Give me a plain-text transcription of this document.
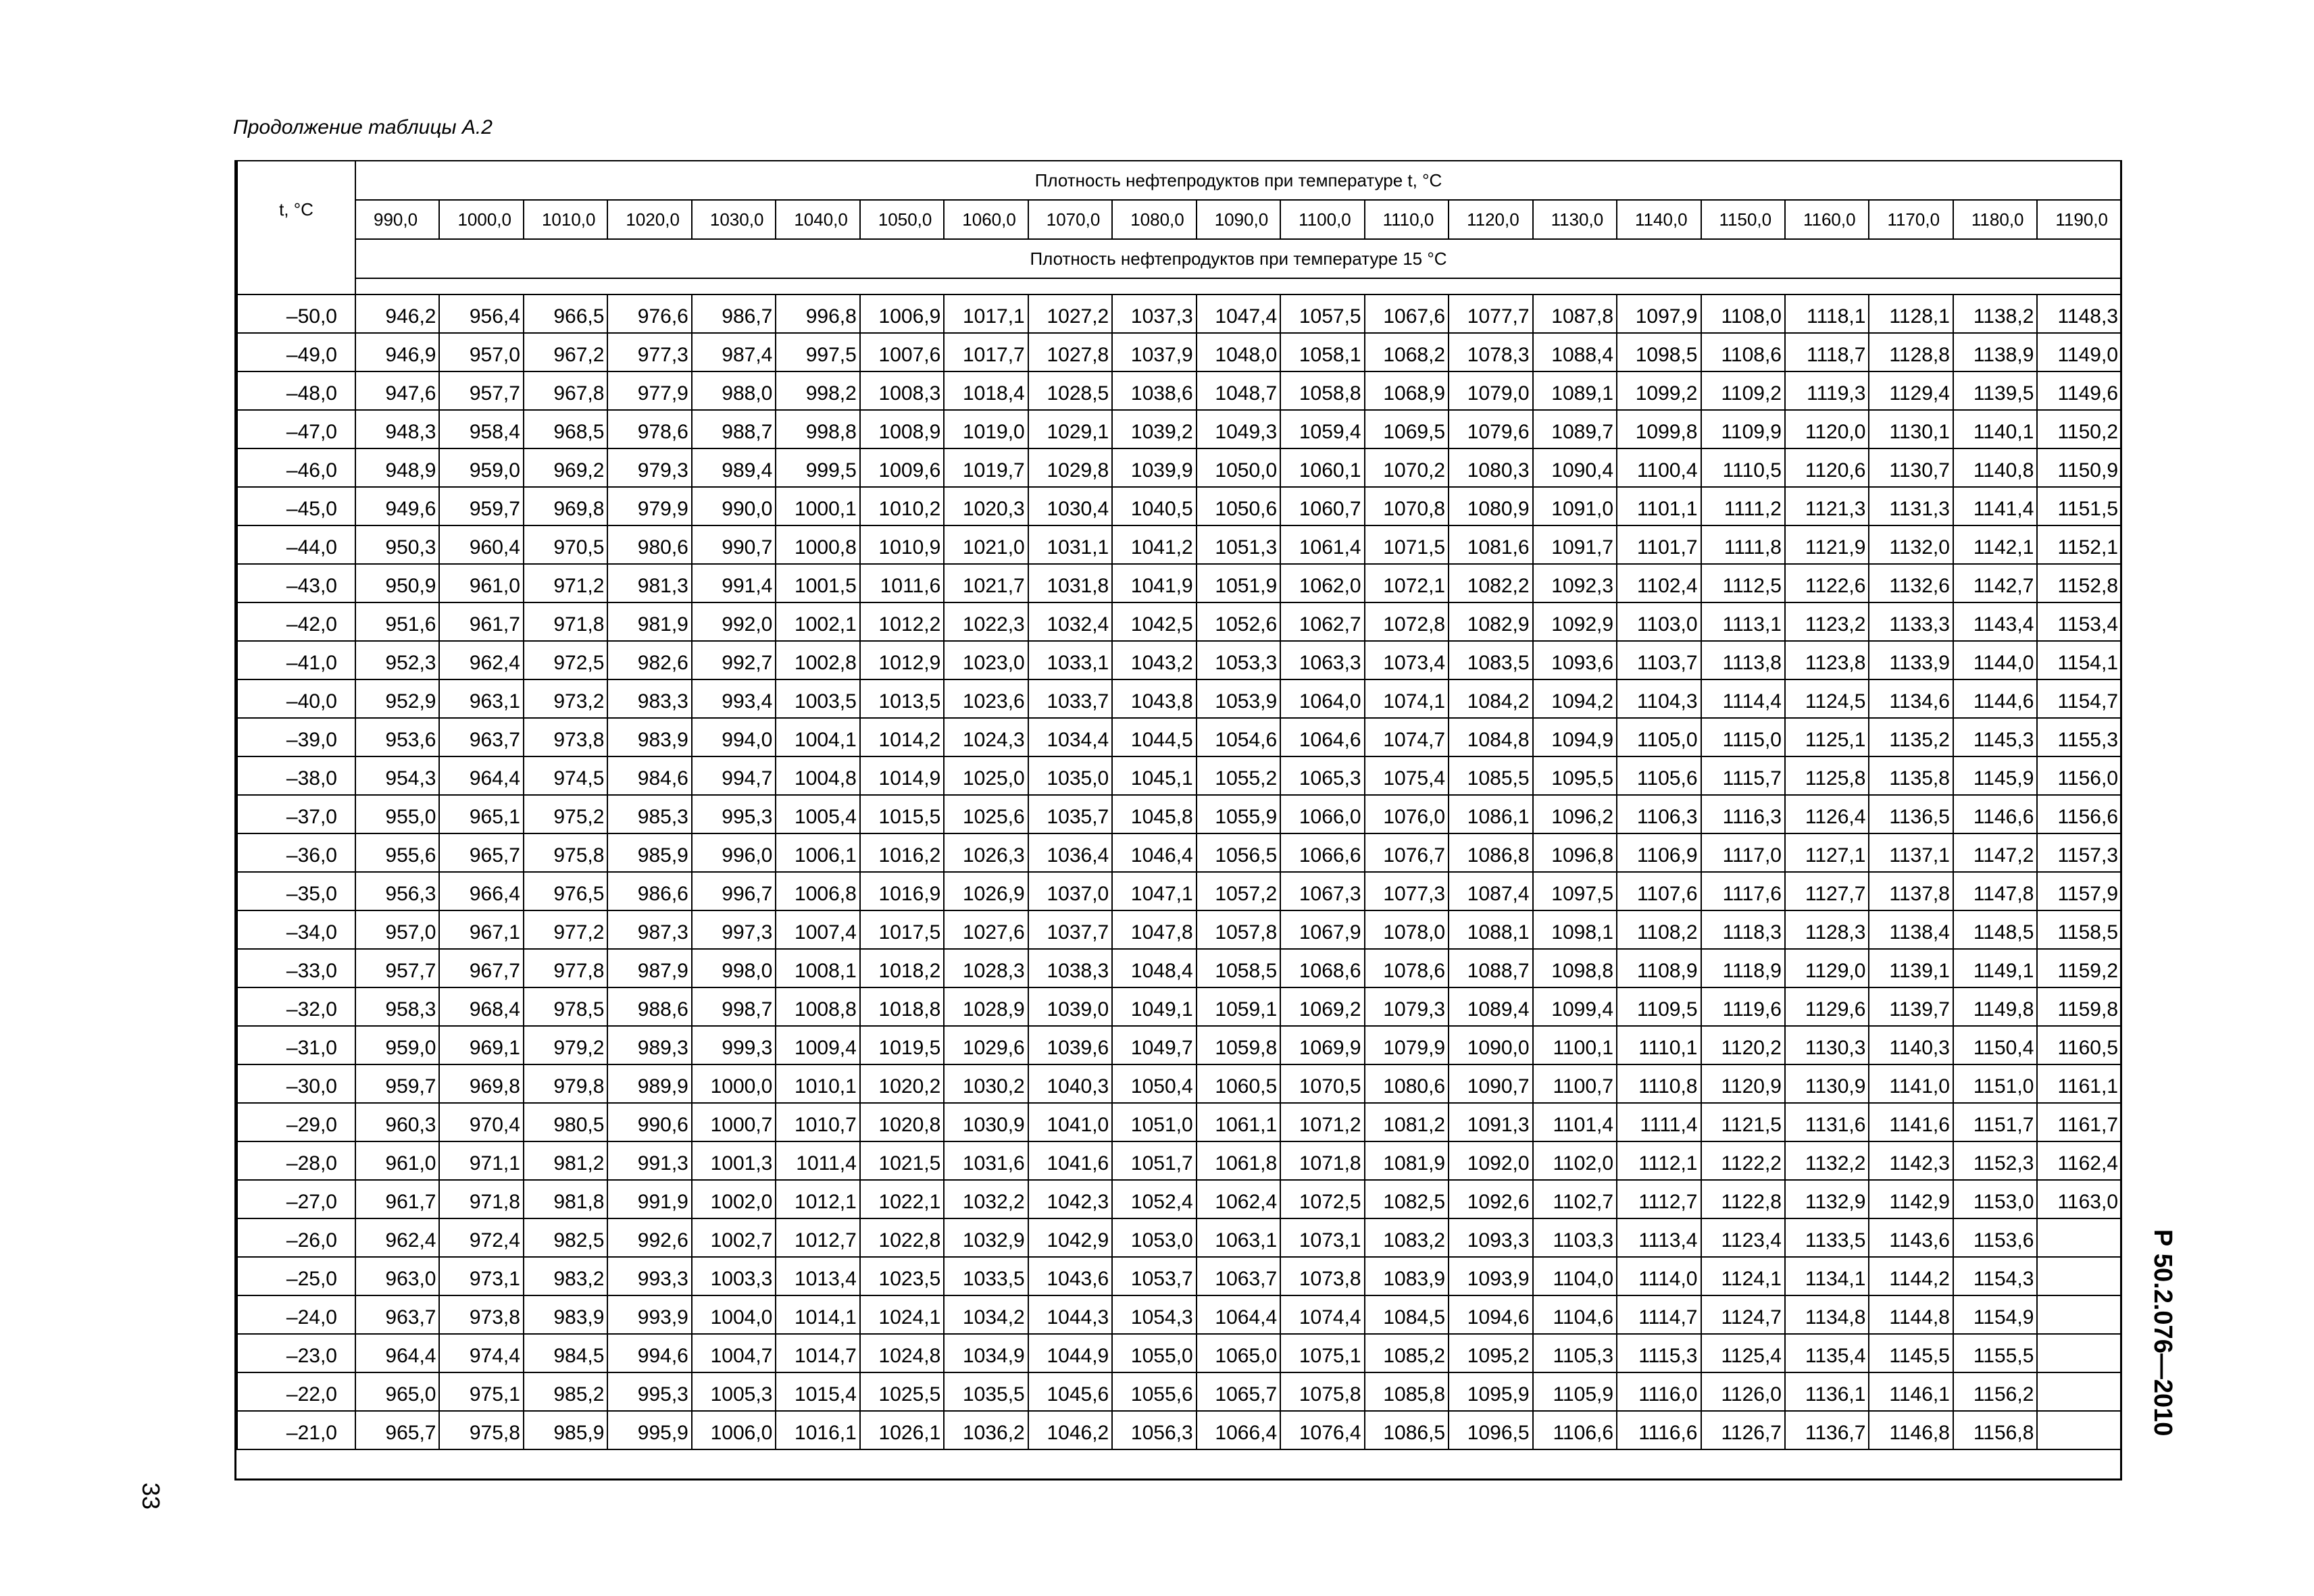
Продолжение таблицы А.2
t, °C	Плотность нефтепродуктов при температуре t, °C																				
	990,0	1000,0	1010,0	1020,0	1030,0	1040,0	1050,0	1060,0	1070,0	1080,0	1090,0	1100,0	1110,0	1120,0	1130,0	1140,0	1150,0	1160,0	1170,0	1180,0	1190,0
	Плотность нефтепродуктов при температуре 15 °C																				

–50,0	946,2	956,4	966,5	976,6	986,7	996,8	1006,9	1017,1	1027,2	1037,3	1047,4	1057,5	1067,6	1077,7	1087,8	1097,9	1108,0	1118,1	1128,1	1138,2	1148,3
–49,0	946,9	957,0	967,2	977,3	987,4	997,5	1007,6	1017,7	1027,8	1037,9	1048,0	1058,1	1068,2	1078,3	1088,4	1098,5	1108,6	1118,7	1128,8	1138,9	1149,0
–48,0	947,6	957,7	967,8	977,9	988,0	998,2	1008,3	1018,4	1028,5	1038,6	1048,7	1058,8	1068,9	1079,0	1089,1	1099,2	1109,2	1119,3	1129,4	1139,5	1149,6
–47,0	948,3	958,4	968,5	978,6	988,7	998,8	1008,9	1019,0	1029,1	1039,2	1049,3	1059,4	1069,5	1079,6	1089,7	1099,8	1109,9	1120,0	1130,1	1140,1	1150,2
–46,0	948,9	959,0	969,2	979,3	989,4	999,5	1009,6	1019,7	1029,8	1039,9	1050,0	1060,1	1070,2	1080,3	1090,4	1100,4	1110,5	1120,6	1130,7	1140,8	1150,9
–45,0	949,6	959,7	969,8	979,9	990,0	1000,1	1010,2	1020,3	1030,4	1040,5	1050,6	1060,7	1070,8	1080,9	1091,0	1101,1	1111,2	1121,3	1131,3	1141,4	1151,5
–44,0	950,3	960,4	970,5	980,6	990,7	1000,8	1010,9	1021,0	1031,1	1041,2	1051,3	1061,4	1071,5	1081,6	1091,7	1101,7	1111,8	1121,9	1132,0	1142,1	1152,1
–43,0	950,9	961,0	971,2	981,3	991,4	1001,5	1011,6	1021,7	1031,8	1041,9	1051,9	1062,0	1072,1	1082,2	1092,3	1102,4	1112,5	1122,6	1132,6	1142,7	1152,8
–42,0	951,6	961,7	971,8	981,9	992,0	1002,1	1012,2	1022,3	1032,4	1042,5	1052,6	1062,7	1072,8	1082,9	1092,9	1103,0	1113,1	1123,2	1133,3	1143,4	1153,4
–41,0	952,3	962,4	972,5	982,6	992,7	1002,8	1012,9	1023,0	1033,1	1043,2	1053,3	1063,3	1073,4	1083,5	1093,6	1103,7	1113,8	1123,8	1133,9	1144,0	1154,1
–40,0	952,9	963,1	973,2	983,3	993,4	1003,5	1013,5	1023,6	1033,7	1043,8	1053,9	1064,0	1074,1	1084,2	1094,2	1104,3	1114,4	1124,5	1134,6	1144,6	1154,7
–39,0	953,6	963,7	973,8	983,9	994,0	1004,1	1014,2	1024,3	1034,4	1044,5	1054,6	1064,6	1074,7	1084,8	1094,9	1105,0	1115,0	1125,1	1135,2	1145,3	1155,3
–38,0	954,3	964,4	974,5	984,6	994,7	1004,8	1014,9	1025,0	1035,0	1045,1	1055,2	1065,3	1075,4	1085,5	1095,5	1105,6	1115,7	1125,8	1135,8	1145,9	1156,0
–37,0	955,0	965,1	975,2	985,3	995,3	1005,4	1015,5	1025,6	1035,7	1045,8	1055,9	1066,0	1076,0	1086,1	1096,2	1106,3	1116,3	1126,4	1136,5	1146,6	1156,6
–36,0	955,6	965,7	975,8	985,9	996,0	1006,1	1016,2	1026,3	1036,4	1046,4	1056,5	1066,6	1076,7	1086,8	1096,8	1106,9	1117,0	1127,1	1137,1	1147,2	1157,3
–35,0	956,3	966,4	976,5	986,6	996,7	1006,8	1016,9	1026,9	1037,0	1047,1	1057,2	1067,3	1077,3	1087,4	1097,5	1107,6	1117,6	1127,7	1137,8	1147,8	1157,9
–34,0	957,0	967,1	977,2	987,3	997,3	1007,4	1017,5	1027,6	1037,7	1047,8	1057,8	1067,9	1078,0	1088,1	1098,1	1108,2	1118,3	1128,3	1138,4	1148,5	1158,5
–33,0	957,7	967,7	977,8	987,9	998,0	1008,1	1018,2	1028,3	1038,3	1048,4	1058,5	1068,6	1078,6	1088,7	1098,8	1108,9	1118,9	1129,0	1139,1	1149,1	1159,2
–32,0	958,3	968,4	978,5	988,6	998,7	1008,8	1018,8	1028,9	1039,0	1049,1	1059,1	1069,2	1079,3	1089,4	1099,4	1109,5	1119,6	1129,6	1139,7	1149,8	1159,8
–31,0	959,0	969,1	979,2	989,3	999,3	1009,4	1019,5	1029,6	1039,6	1049,7	1059,8	1069,9	1079,9	1090,0	1100,1	1110,1	1120,2	1130,3	1140,3	1150,4	1160,5
–30,0	959,7	969,8	979,8	989,9	1000,0	1010,1	1020,2	1030,2	1040,3	1050,4	1060,5	1070,5	1080,6	1090,7	1100,7	1110,8	1120,9	1130,9	1141,0	1151,0	1161,1
–29,0	960,3	970,4	980,5	990,6	1000,7	1010,7	1020,8	1030,9	1041,0	1051,0	1061,1	1071,2	1081,2	1091,3	1101,4	1111,4	1121,5	1131,6	1141,6	1151,7	1161,7
–28,0	961,0	971,1	981,2	991,3	1001,3	1011,4	1021,5	1031,6	1041,6	1051,7	1061,8	1071,8	1081,9	1092,0	1102,0	1112,1	1122,2	1132,2	1142,3	1152,3	1162,4
–27,0	961,7	971,8	981,8	991,9	1002,0	1012,1	1022,1	1032,2	1042,3	1052,4	1062,4	1072,5	1082,5	1092,6	1102,7	1112,7	1122,8	1132,9	1142,9	1153,0	1163,0
–26,0	962,4	972,4	982,5	992,6	1002,7	1012,7	1022,8	1032,9	1042,9	1053,0	1063,1	1073,1	1083,2	1093,3	1103,3	1113,4	1123,4	1133,5	1143,6	1153,6	
–25,0	963,0	973,1	983,2	993,3	1003,3	1013,4	1023,5	1033,5	1043,6	1053,7	1063,7	1073,8	1083,9	1093,9	1104,0	1114,0	1124,1	1134,1	1144,2	1154,3	
–24,0	963,7	973,8	983,9	993,9	1004,0	1014,1	1024,1	1034,2	1044,3	1054,3	1064,4	1074,4	1084,5	1094,6	1104,6	1114,7	1124,7	1134,8	1144,8	1154,9	
–23,0	964,4	974,4	984,5	994,6	1004,7	1014,7	1024,8	1034,9	1044,9	1055,0	1065,0	1075,1	1085,2	1095,2	1105,3	1115,3	1125,4	1135,4	1145,5	1155,5	
–22,0	965,0	975,1	985,2	995,3	1005,3	1015,4	1025,5	1035,5	1045,6	1055,6	1065,7	1075,8	1085,8	1095,9	1105,9	1116,0	1126,0	1136,1	1146,1	1156,2	
–21,0	965,7	975,8	985,9	995,9	1006,0	1016,1	1026,1	1036,2	1046,2	1056,3	1066,4	1076,4	1086,5	1096,5	1106,6	1116,6	1126,7	1136,7	1146,8	1156,8		Р 50.2.076—2010
33
